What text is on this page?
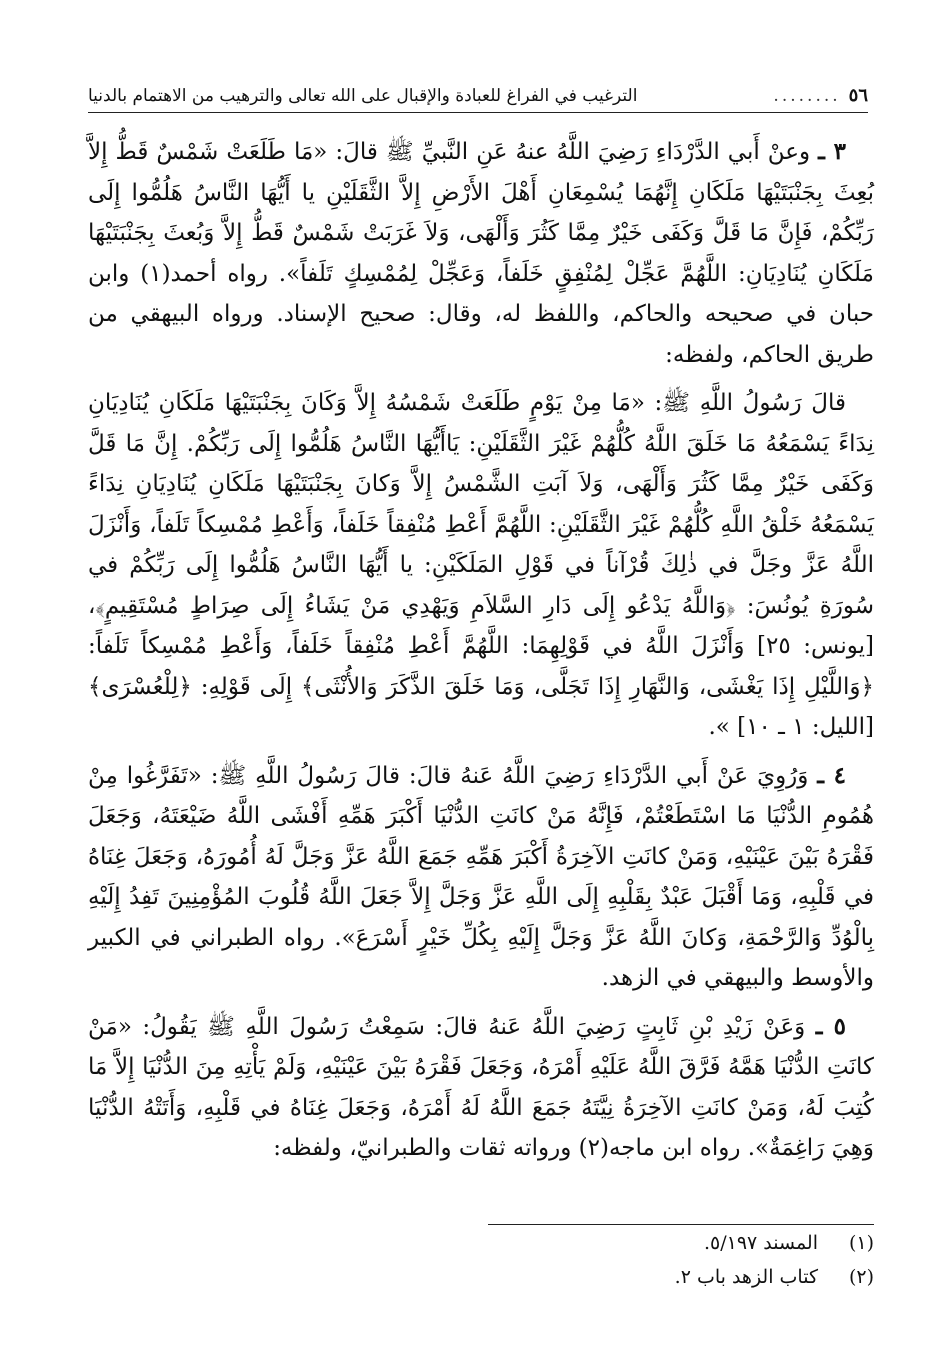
٥٦
........
الترغيب في الفراغ للعبادة والإقبال على الله تعالى والترهيب من الاهتمام بالدنيا

٣ ـ وعنْ أَبي الدَّرْدَاءِ رَضِيَ اللَّهُ عنهُ عَنِ النَّبيِّ ﷺ قالَ: «مَا طَلَعَتْ شَمْسٌ قَطُّ إِلاَّ بُعِثَ بِجَنْبَتَيْهَا مَلَكَانِ إِنَّهُمَا يُسْمِعَانِ أَهْلَ الأَرْضِ إِلاَّ الثَّقَلَيْنِ يا أَيُّهَا النَّاسُ هَلُمُّوا إِلَى رَبِّكُمْ، فَإِنَّ مَا قَلَّ وَكَفَى خَيْرٌ مِمَّا كَثُرَ وَأَلْهَى، وَلاَ غَرَبَتْ شَمْسٌ قَطُّ إِلاَّ وَبُعثَ بِجَنْبَتَيْهَا مَلَكَانِ يُنَادِيَانِ: اللَّهُمَّ عَجِّلْ لِمُنْفِقٍ خَلَفاً، وَعَجِّلْ لِمُمْسِكٍ تَلَفاً». رواه أحمد(١) وابن حبان في صحيحه والحاكم، واللفظ له، وقال: صحيح الإسناد. ورواه البيهقي من طريق الحاكم، ولفظه:

قالَ رَسُولُ اللَّهِ ﷺ: «مَا مِنْ يَوْمٍ طَلَعَتْ شَمْسُهُ إِلاَّ وَكَانَ بِجَنْبَتَيْهَا مَلَكَانِ يُنَادِيَانِ نِدَاءً يَسْمَعُهُ مَا خَلَقَ اللَّهُ كُلُّهُمْ غَيْرَ الثَّقَلَيْنِ: يَاأَيُّهَا النَّاسُ هَلُمُّوا إِلَى رَبِّكُمْ. إِنَّ مَا قَلَّ وَكَفَى خَيْرٌ مِمَّا كَثُرَ وَأَلْهَى، وَلاَ آبَتِ الشَّمْسُ إِلاَّ وَكانَ بِجَنْبَتَيْهَا مَلَكَانِ يُنَادِيَانِ نِدَاءً يَسْمَعُهُ خَلْقُ اللَّهِ كُلُّهُمْ غَيْرَ الثَّقَلَيْنِ: اللَّهُمَّ أَعْطِ مُنْفِقاً خَلَفاً، وَأَعْطِ مُمْسِكاً تَلَفاً، وَأَنْزَلَ اللَّهُ عَزَّ وجَلَّ في ذٰلِكَ قُرْآناً في قَوْلِ المَلَكَيْنِ: يا أَيُّهَا النَّاسُ هَلُمُّوا إِلَى رَبِّكُمْ في سُورَةِ يُونُسَ: ﴿وَاللَّهُ يَدْعُو إِلَى دَارِ السَّلاَمِ وَيَهْدِي مَنْ يَشَاءُ إِلَى صِرَاطٍ مُسْتَقِيمٍ﴾، [يونس: ٢٥] وَأَنْزَلَ اللَّهُ في قَوْلِهِمَا: اللَّهُمَّ أَعْطِ مُنْفِقاً خَلَفاً، وَأَعْطِ مُمْسِكاً تَلَفاً: ﴿وَاللَّيْلِ إِذَا يَغْشَى، وَالنَّهَارِ إِذَا تَجَلَّى، وَمَا خَلَقَ الذَّكَرَ وَالأُنْثَى﴾ إِلَى قَوْلِهِ: ﴿لِلْعُسْرَى﴾ [الليل: ١ ـ ١٠] ».

٤ ـ وَرُوِيَ عَنْ أَبي الدَّرْدَاءِ رَضِيَ اللَّهُ عَنهُ قالَ: قالَ رَسُولُ اللَّهِ ﷺ: «تَفَرَّغُوا مِنْ هُمُومِ الدُّنْيَا مَا اسْتَطَعْتُمْ، فَإِنَّهُ مَنْ كانَتِ الدُّنْيَا أَكْبَرَ هَمِّهِ أَفْشَى اللَّهُ ضَيْعَتَهُ، وَجَعَلَ فَقْرَهُ بَيْنَ عَيْنَيْهِ، وَمَنْ كانَتِ الآخِرَةُ أَكْبَرَ هَمِّهِ جَمَعَ اللَّهُ عَزَّ وَجَلَّ لَهُ أُمُورَهُ، وَجَعَلَ غِنَاهُ في قَلْبِهِ، وَمَا أَقْبَلَ عَبْدٌ بِقَلْبِهِ إِلَى اللَّهِ عَزَّ وَجَلَّ إِلاَّ جَعَلَ اللَّهُ قُلُوبَ المُؤْمِنِينَ تَفِدُ إِلَيْهِ بِالْوُدِّ وَالرَّحْمَةِ، وَكانَ اللَّهُ عَزَّ وَجَلَّ إِلَيْهِ بِكُلِّ خَيْرٍ أَسْرَعَ». رواه الطبراني في الكبير والأوسط والبيهقي في الزهد.

٥ ـ وَعَنْ زَيْدِ بْنِ ثَابِتٍ رَضِيَ اللَّهُ عَنهُ قالَ: سَمِعْتُ رَسُولَ اللَّهِ ﷺ يَقُولُ: «مَنْ كانَتِ الدُّنْيَا هَمَّهُ فَرَّقَ اللَّهُ عَلَيْهِ أَمْرَهُ، وَجَعَلَ فَقْرَهُ بَيْنَ عَيْنَيْهِ، وَلَمْ يَأْتِهِ مِنَ الدُّنْيَا إِلاَّ مَا كُتِبَ لَهُ، وَمَنْ كانَتِ الآخِرَةُ نِيَّتَهُ جَمَعَ اللَّهُ لَهُ أَمْرَهُ، وَجَعَلَ غِنَاهُ في قَلْبِهِ، وَأَتَتْهُ الدُّنْيَا وَهِيَ رَاغِمَةٌ». رواه ابن ماجه(٢) ورواته ثقات والطبرانيّ، ولفظه:

(١)
المسند ٥/١٩٧.
(٢)
كتاب الزهد باب ٢.
